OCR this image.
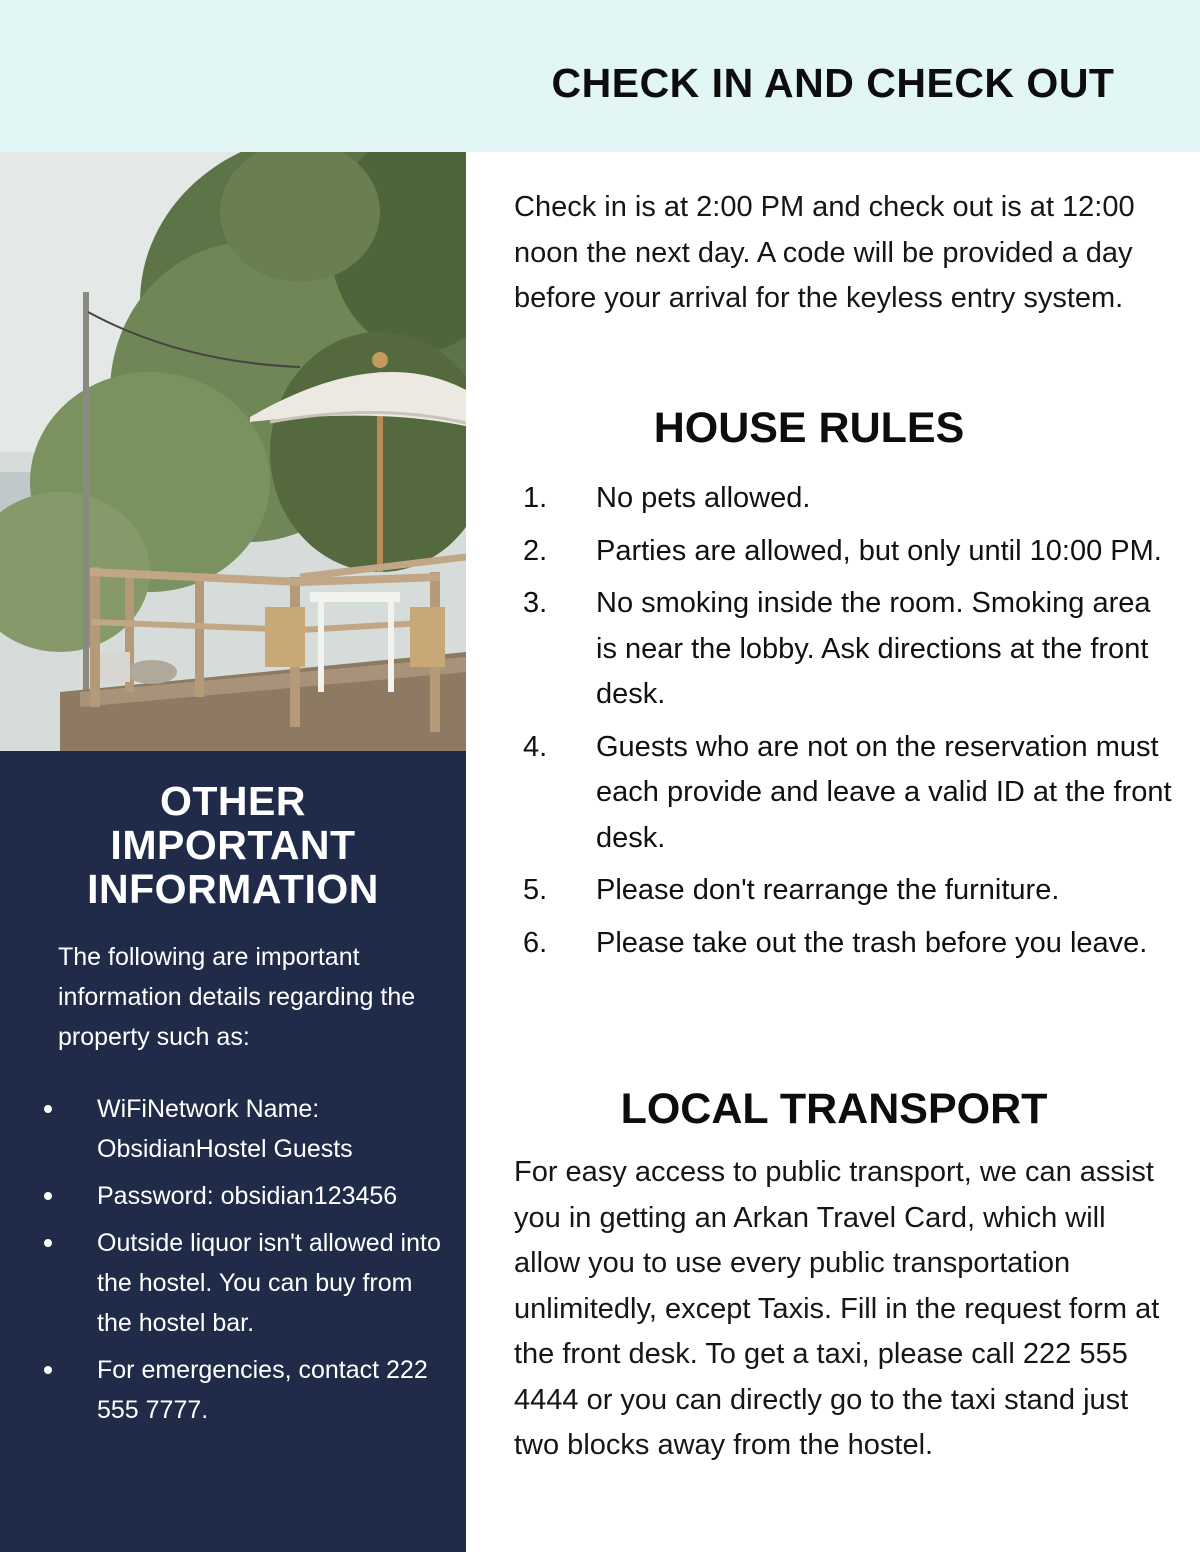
CHECK IN AND CHECK OUT
OTHER
IMPORTANT
INFORMATION

The following are important information details regarding the property such as:

WiFiNetwork Name: ObsidianHostel Guests
Password: obsidian123456
Outside liquor isn't allowed into the hostel. You can buy from the hostel bar.
For emergencies, contact 222 555 7777.

Check in is at 2:00 PM and check out is at 12:00 noon the next day. A code will be provided a day before your arrival for the keyless entry system.

HOUSE RULES
1. No pets allowed.
2. Parties are allowed, but only until 10:00 PM.
3. No smoking inside the room. Smoking area is near the lobby. Ask directions at the front desk.
4. Guests who are not on the reservation must each provide and leave a valid ID at the front desk.
5. Please don't rearrange the furniture.
6. Please take out the trash before you leave.
LOCAL TRANSPORT

For easy access to public transport, we can assist you in getting an Arkan Travel Card, which will allow you to use every public transportation unlimitedly, except Taxis. Fill in the request form at the front desk. To get a taxi, please call 222 555 4444 or you can directly go to the taxi stand just two blocks away from the hostel.
